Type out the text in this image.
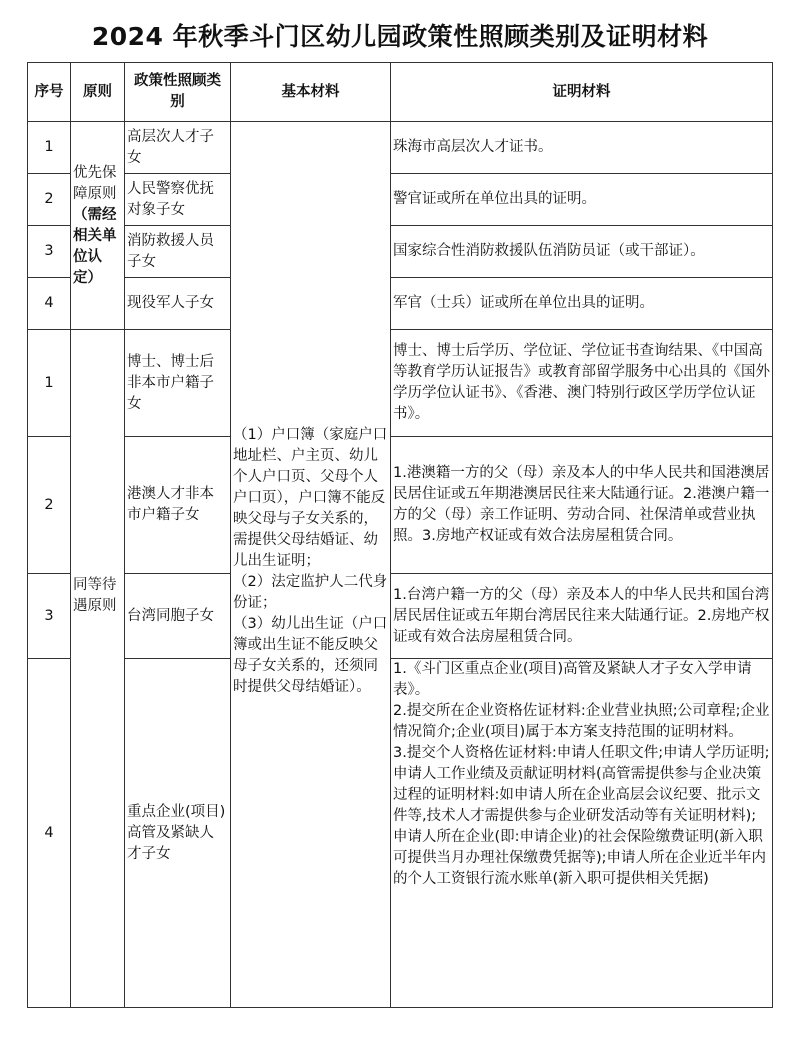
2024 年秋季斗门区幼儿园政策性照顾类别及证明材料
序号	原则	政策性照顾类别	基本材料	证明材料
1	优先保障原则（需经相关单位认定）	高层次人才子女	（1）户口簿（家庭户口地址栏、户主页、幼儿个人户口页、父母个人户口页），户口簿不能反映父母与子女关系的，需提供父母结婚证、幼儿出生证明；
（2）法定监护人二代身份证；
（3）幼儿出生证（户口簿或出生证不能反映父母子女关系的，还须同时提供父母结婚证）。	珠海市高层次人才证书。
2		人民警察优抚对象子女		警官证或所在单位出具的证明。
3		消防救援人员子女		国家综合性消防救援队伍消防员证（或干部证）。
4		现役军人子女		军官（士兵）证或所在单位出具的证明。
1	同等待遇原则	博士、博士后非本市户籍子女		博士、博士后学历、学位证、学位证书查询结果、《中国高等教育学历认证报告》或教育部留学服务中心出具的《国外学历学位认证书》、《香港、澳门特别行政区学历学位认证书》。
2		港澳人才非本市户籍子女		1.港澳籍一方的父（母）亲及本人的中华人民共和国港澳居民居住证或五年期港澳居民往来大陆通行证。2.港澳户籍一方的父（母）亲工作证明、劳动合同、社保清单或营业执照。3.房地产权证或有效合法房屋租赁合同。
3		台湾同胞子女		1.台湾户籍一方的父（母）亲及本人的中华人民共和国台湾居民居住证或五年期台湾居民往来大陆通行证。2.房地产权证或有效合法房屋租赁合同。
4		重点企业(项目)高管及紧缺人才子女		1.《斗门区重点企业(项目)高管及紧缺人才子女入学申请表》。
2.提交所在企业资格佐证材料:企业营业执照;公司章程;企业情况简介;企业(项目)属于本方案支持范围的证明材料。
3.提交个人资格佐证材料:申请人任职文件;申请人学历证明;申请人工作业绩及贡献证明材料(高管需提供参与企业决策过程的证明材料:如申请人所在企业高层会议纪要、批示文件等,技术人才需提供参与企业研发活动等有关证明材料);申请人所在企业(即:申请企业)的社会保险缴费证明(新入职可提供当月办理社保缴费凭据等);申请人所在企业近半年内的个人工资银行流水账单(新入职可提供相关凭据)
